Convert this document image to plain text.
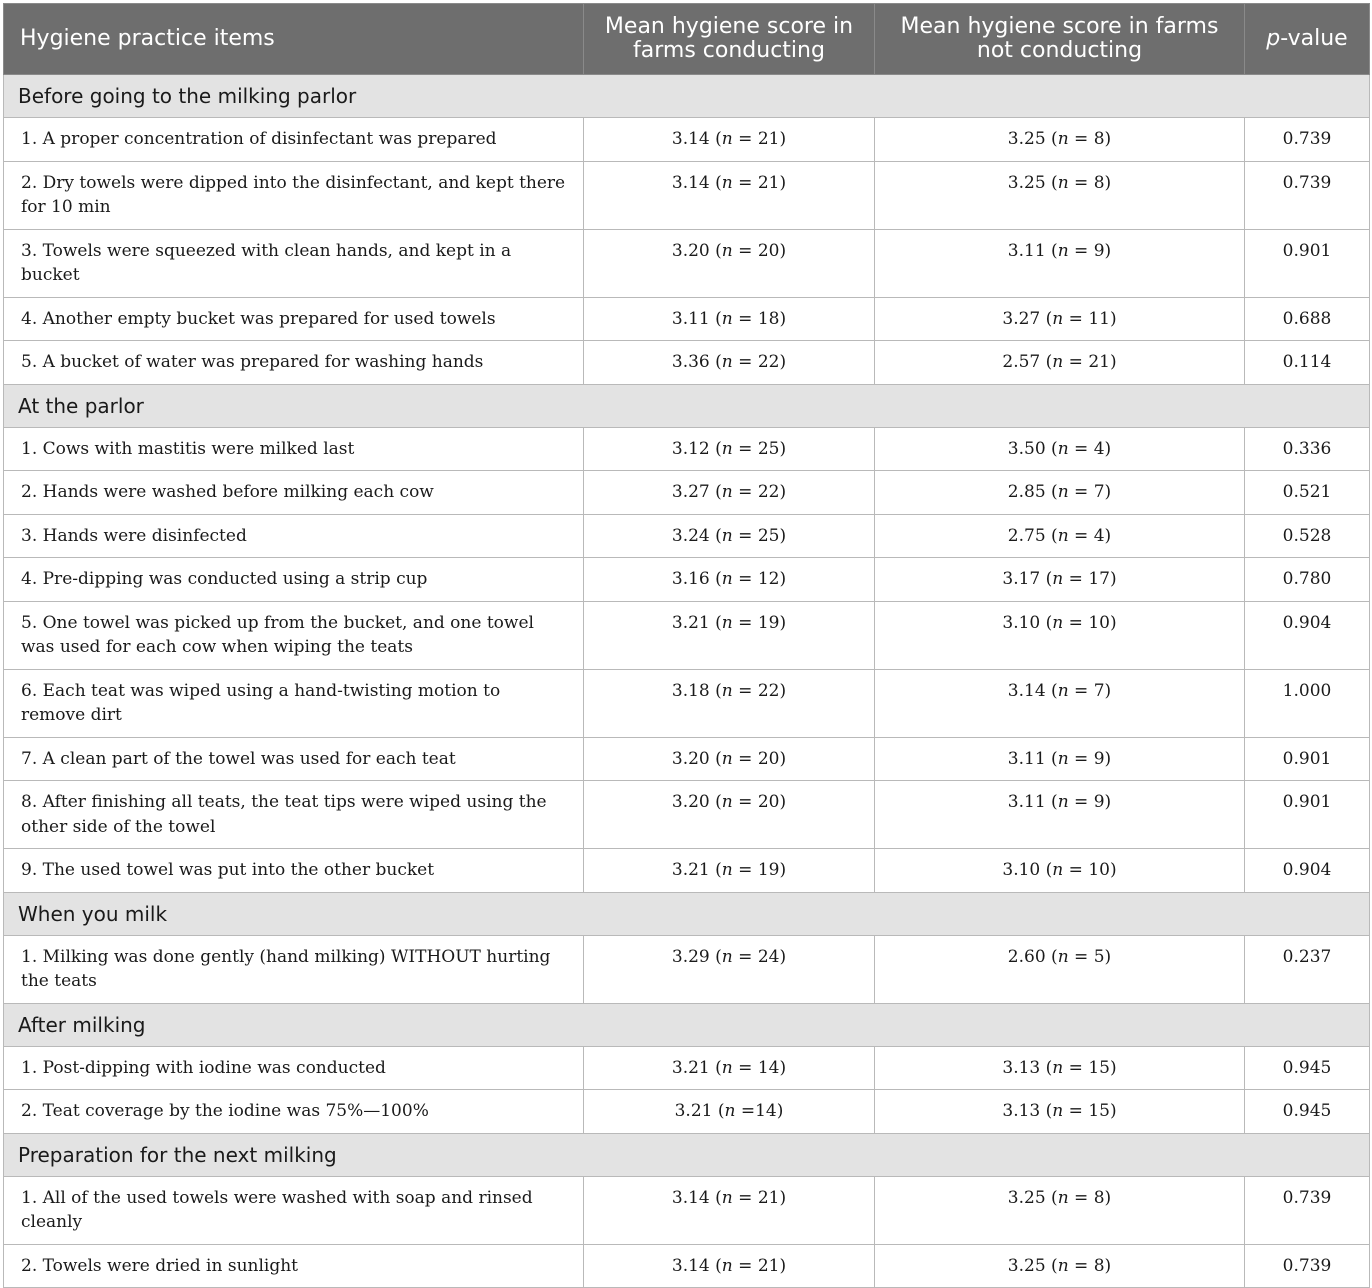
Hygiene practice items	Mean hygiene score in farms conducting	Mean hygiene score in farms not conducting	p-value
Before going to the milking parlor			
1. A proper concentration of disinfectant was prepared	3.14 (n = 21)	3.25 (n = 8)	0.739
2. Dry towels were dipped into the disinfectant, and kept there for 10 min	3.14 (n = 21)	3.25 (n = 8)	0.739
3. Towels were squeezed with clean hands, and kept in a bucket	3.20 (n = 20)	3.11 (n = 9)	0.901
4. Another empty bucket was prepared for used towels	3.11 (n = 18)	3.27 (n = 11)	0.688
5. A bucket of water was prepared for washing hands	3.36 (n = 22)	2.57 (n = 21)	0.114
At the parlor			
1. Cows with mastitis were milked last	3.12 (n = 25)	3.50 (n = 4)	0.336
2. Hands were washed before milking each cow	3.27 (n = 22)	2.85 (n = 7)	0.521
3. Hands were disinfected	3.24 (n = 25)	2.75 (n = 4)	0.528
4. Pre-dipping was conducted using a strip cup	3.16 (n = 12)	3.17 (n = 17)	0.780
5. One towel was picked up from the bucket, and one towel was used for each cow when wiping the teats	3.21 (n = 19)	3.10 (n = 10)	0.904
6. Each teat was wiped using a hand-twisting motion to remove dirt	3.18 (n = 22)	3.14 (n = 7)	1.000
7. A clean part of the towel was used for each teat	3.20 (n = 20)	3.11 (n = 9)	0.901
8. After finishing all teats, the teat tips were wiped using the other side of the towel	3.20 (n = 20)	3.11 (n = 9)	0.901
9. The used towel was put into the other bucket	3.21 (n = 19)	3.10 (n = 10)	0.904
When you milk			
1. Milking was done gently (hand milking) WITHOUT hurting the teats	3.29 (n = 24)	2.60 (n = 5)	0.237
After milking			
1. Post-dipping with iodine was conducted	3.21 (n = 14)	3.13 (n = 15)	0.945
2. Teat coverage by the iodine was 75%—100%	3.21 (n =14)	3.13 (n = 15)	0.945
Preparation for the next milking			
1. All of the used towels were washed with soap and rinsed cleanly	3.14 (n = 21)	3.25 (n = 8)	0.739
2. Towels were dried in sunlight	3.14 (n = 21)	3.25 (n = 8)	0.739
